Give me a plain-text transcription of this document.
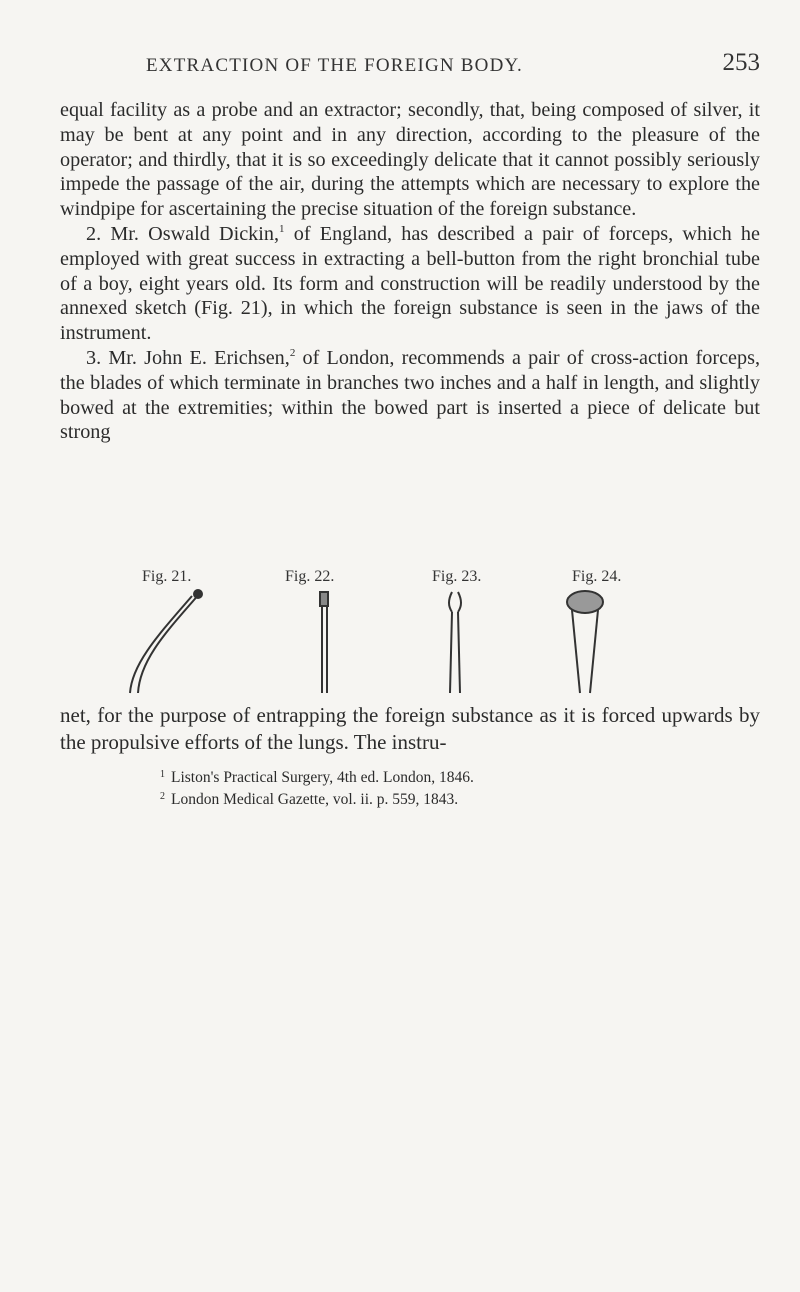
EXTRACTION OF THE FOREIGN BODY.	253

equal facility as a probe and an extractor; secondly, that, being composed of silver, it may be bent at any point and in any direction, according to the pleasure of the operator; and thirdly, that it is so exceedingly delicate that it cannot possibly seriously impede the passage of the air, during the attempts which are necessary to explore the windpipe for ascertaining the precise situation of the foreign substance.

2. Mr. Oswald Dickin,$^1$ of England, has described a pair of forceps, which he employed with great success in extracting a bell-button from the right bronchial tube of a boy, eight years old. Its form and construction will be readily understood by the annexed sketch (Fig. 21), in which the foreign substance is seen in the jaws of the instrument.

3. Mr. John E. Erichsen,$^2$ of London, recommends a pair of cross-action forceps, the blades of which terminate in branches two inches and a half in length, and slightly bowed at the extremities; within the bowed part is inserted a piece of delicate but strong

Fig. 21.	Fig. 22.	Fig. 23.	Fig. 24.

net, for the purpose of entrapping the foreign substance as it is forced upwards by the propulsive efforts of the lungs. The instru-

$^1$ Liston's Practical Surgery, 4th ed. London, 1846.
$^2$ London Medical Gazette, vol. ii. p. 559, 1843.
